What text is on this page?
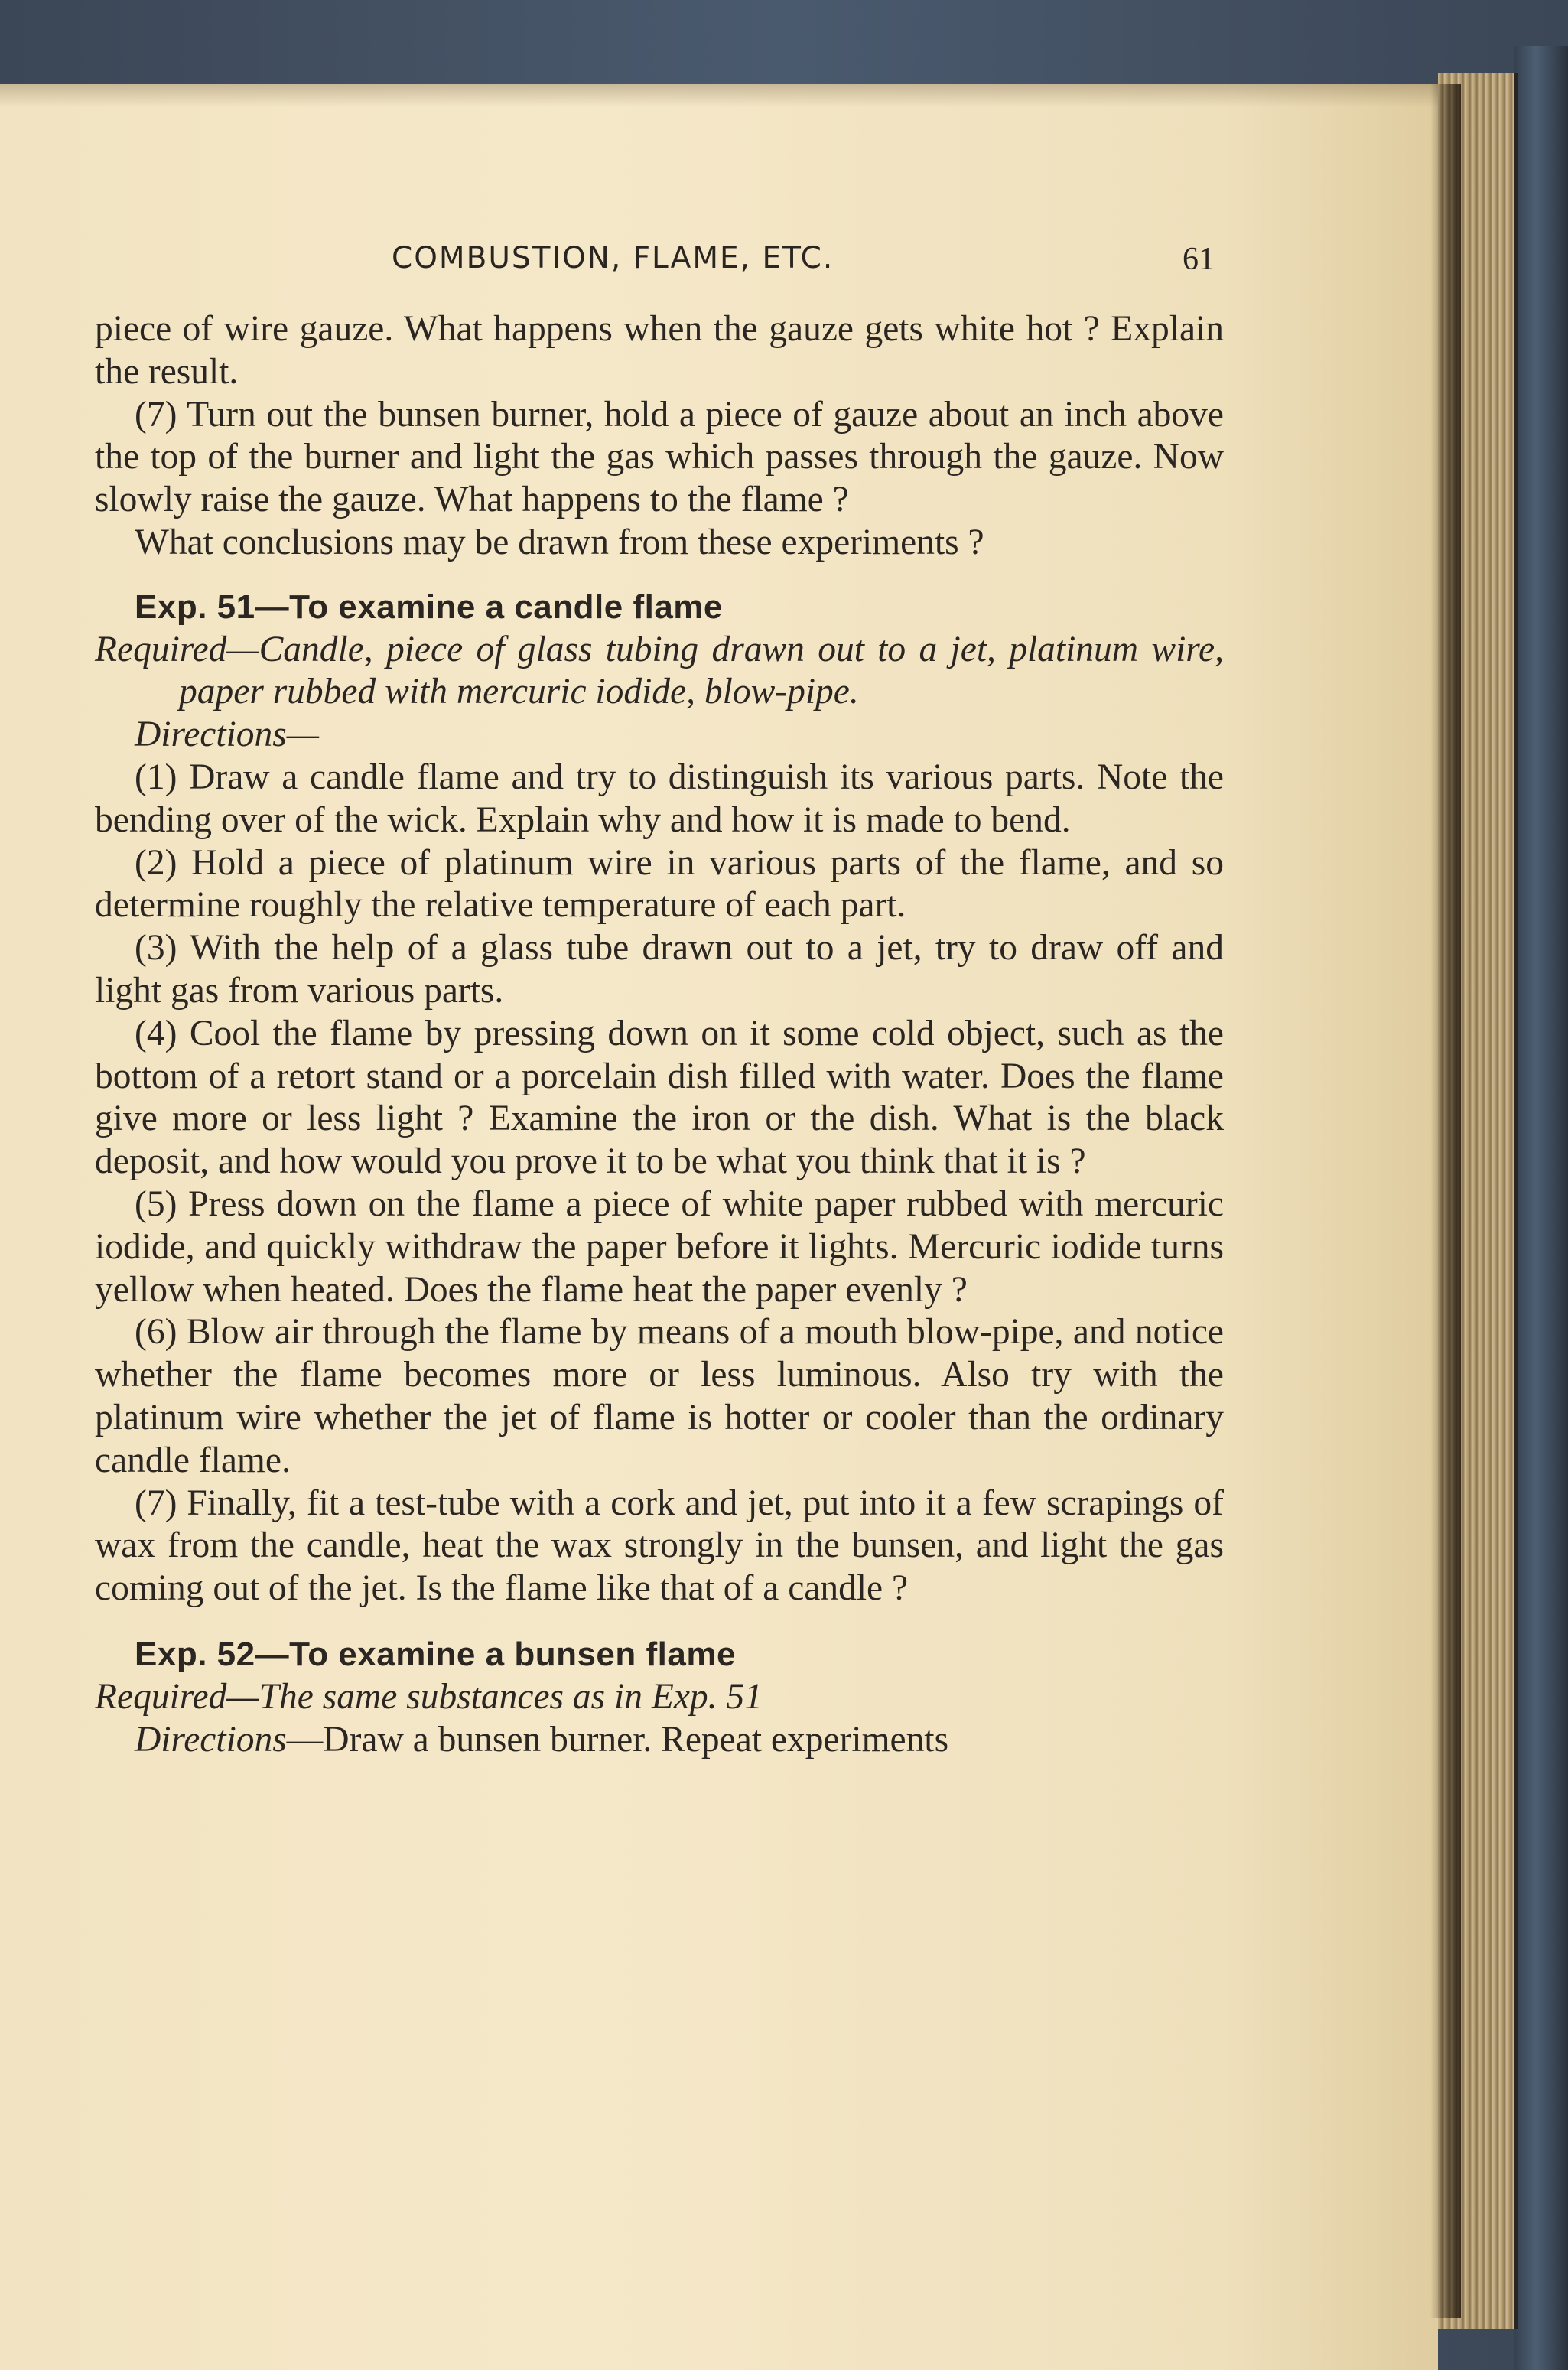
COMBUSTION, FLAME, ETC.	61

piece of wire gauze. What happens when the gauze gets white hot ? Explain the result.

(7) Turn out the bunsen burner, hold a piece of gauze about an inch above the top of the burner and light the gas which passes through the gauze. Now slowly raise the gauze. What happens to the flame ?

What conclusions may be drawn from these experiments ?

Exp. 51—To examine a candle flame

Required—Candle, piece of glass tubing drawn out to a jet, platinum wire, paper rubbed with mercuric iodide, blow-pipe.

Directions—

(1) Draw a candle flame and try to distinguish its various parts. Note the bending over of the wick. Explain why and how it is made to bend.

(2) Hold a piece of platinum wire in various parts of the flame, and so determine roughly the relative temperature of each part.

(3) With the help of a glass tube drawn out to a jet, try to draw off and light gas from various parts.

(4) Cool the flame by pressing down on it some cold object, such as the bottom of a retort stand or a porcelain dish filled with water. Does the flame give more or less light ? Examine the iron or the dish. What is the black deposit, and how would you prove it to be what you think that it is ?

(5) Press down on the flame a piece of white paper rubbed with mercuric iodide, and quickly withdraw the paper before it lights. Mercuric iodide turns yellow when heated. Does the flame heat the paper evenly ?

(6) Blow air through the flame by means of a mouth blow-pipe, and notice whether the flame becomes more or less luminous. Also try with the platinum wire whether the jet of flame is hotter or cooler than the ordinary candle flame.

(7) Finally, fit a test-tube with a cork and jet, put into it a few scrapings of wax from the candle, heat the wax strongly in the bunsen, and light the gas coming out of the jet. Is the flame like that of a candle ?

Exp. 52—To examine a bunsen flame

Required—The same substances as in Exp. 51

Directions—Draw a bunsen burner. Repeat experiments
